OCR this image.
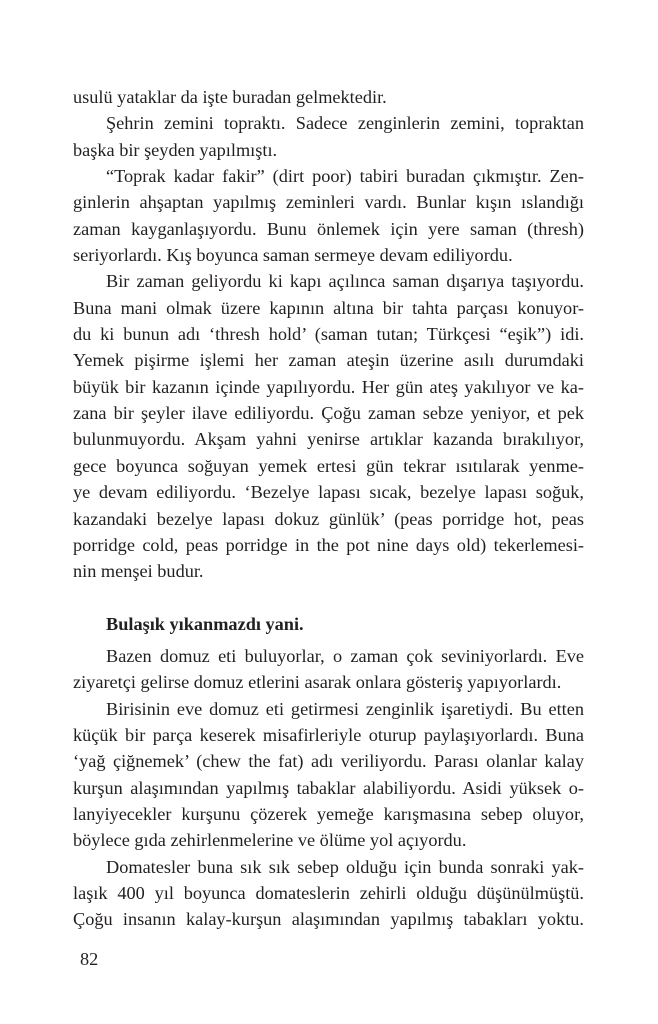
usulü yataklar da işte buradan gelmektedir.
Şehrin zemini topraktı. Sadece zenginlerin zemini, topraktan
başka bir şeyden yapılmıştı.
“Toprak kadar fakir” (dirt poor) tabiri buradan çıkmıştır. Zen-
ginlerin ahşaptan yapılmış zeminleri vardı. Bunlar kışın ıslandığı
zaman kayganlaşıyordu. Bunu önlemek için yere saman (thresh)
seriyorlardı. Kış boyunca saman sermeye devam ediliyordu.
Bir zaman geliyordu ki kapı açılınca saman dışarıya taşıyordu.
Buna mani olmak üzere kapının altına bir tahta parçası konuyor-
du ki bunun adı ‘thresh hold’ (saman tutan; Türkçesi “eşik”) idi.
Yemek pişirme işlemi her zaman ateşin üzerine asılı durumdaki
büyük bir kazanın içinde yapılıyordu. Her gün ateş yakılıyor ve ka-
zana bir şeyler ilave ediliyordu. Çoğu zaman sebze yeniyor, et pek
bulunmuyordu. Akşam yahni yenirse artıklar kazanda bırakılıyor,
gece boyunca soğuyan yemek ertesi gün tekrar ısıtılarak yenme-
ye devam ediliyordu. ‘Bezelye lapası sıcak, bezelye lapası soğuk,
kazandaki bezelye lapası dokuz günlük’ (peas porridge hot, peas
porridge cold, peas porridge in the pot nine days old) tekerlemesi-
nin menşei budur.
Bulaşık yıkanmazdı yani.
Bazen domuz eti buluyorlar, o zaman çok seviniyorlardı. Eve
ziyaretçi gelirse domuz etlerini asarak onlara gösteriş yapıyorlardı.
Birisinin eve domuz eti getirmesi zenginlik işaretiydi. Bu etten
küçük bir parça keserek misafirleriyle oturup paylaşıyorlardı. Buna
‘yağ çiğnemek’ (chew the fat) adı veriliyordu. Parası olanlar kalay
kurşun alaşımından yapılmış tabaklar alabiliyordu. Asidi yüksek o-
lanyiyecekler kurşunu çözerek yemeğe karışmasına sebep oluyor,
böylece gıda zehirlenmelerine ve ölüme yol açıyordu.
Domatesler buna sık sık sebep olduğu için bunda sonraki yak-
laşık 400 yıl boyunca domateslerin zehirli olduğu düşünülmüştü.
Çoğu insanın kalay-kurşun alaşımından yapılmış tabakları yoktu.
82
